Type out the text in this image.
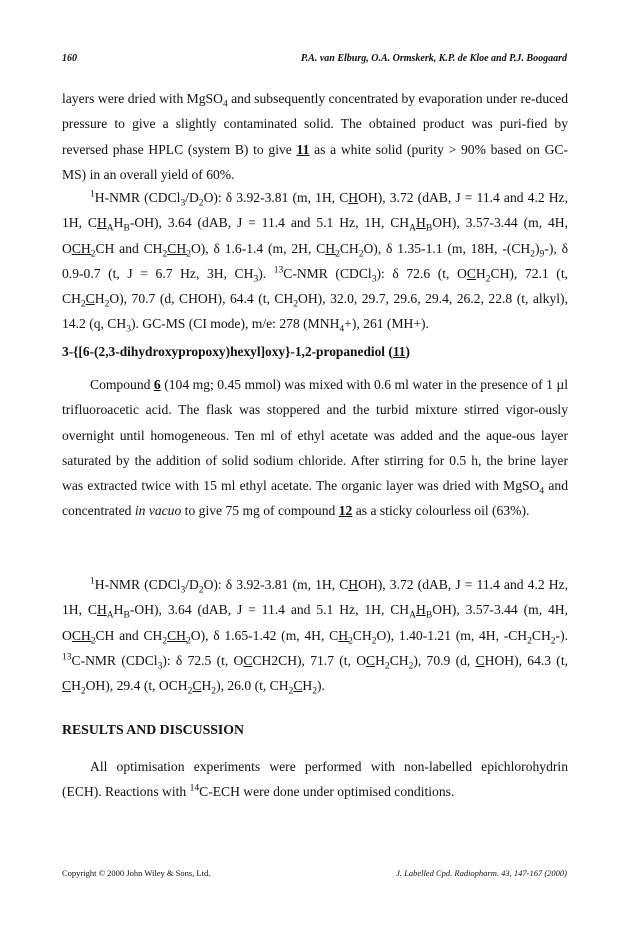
160	P.A. van Elburg, O.A. Ormskerk, K.P. de Kloe and P.J. Boogaard

layers were dried with MgSO$_4$ and subsequently concentrated by evaporation under re-duced pressure to give a slightly contaminated solid. The obtained product was puri-fied by reversed phase HPLC (system B) to give 11 as a white solid (purity > 90% based on GC-MS) in an overall yield of 60%.

$^1$H-NMR $(CDCl_3/D_2O)$: δ 3.92-3.81 (m, 1H, CHOH), 3.72 (dAB, J = 11.4 and 4.2 Hz, 1H, $CH_AH_B-OH$), 3.64 (dAB, J = 11.4 and 5.1 Hz, 1H, $CH_AH_BOH$), 3.57-3.44 (m, 4H, $OCH_2CH$ and $CH_2CH_2O$), δ 1.6-1.4 (m, 2H, $CH_2CH_2O$), δ 1.35-1.1 (m, 18H, $-(CH_2)_9-$), δ 0.9-0.7 (t, J = 6.7 Hz, 3H, $CH_3$). $^{13}$C-NMR (CDCl$_3$): δ 72.6 (t, $OCH_2CH$), 72.1 (t, $CH_2CH_2O$), 70.7 (d, CHOH), 64.4 (t, $CH_2OH$), 32.0, 29.7, 29.6, 29.4, 26.2, 22.8 (t, alkyl), 14.2 (q, $CH_3$). GC-MS (CI mode), m/e: 278 $(MNH_4+)$, 261 (MH+).

3-{[6-(2,3-dihydroxypropoxy)hexyl]oxy}-1,2-propanediol (11)

Compound 6 (104 mg; 0.45 mmol) was mixed with 0.6 ml water in the presence of 1 µl trifluoroacetic acid. The flask was stoppered and the turbid mixture stirred vigor-ously overnight until homogeneous. Ten ml of ethyl acetate was added and the aque-ous layer saturated by the addition of solid sodium chloride. After stirring for 0.5 h, the brine layer was extracted twice with 15 ml ethyl acetate. The organic layer was dried with MgSO$_4$ and concentrated in vacuo to give 75 mg of compound 12 as a sticky colourless oil (63%).

$^1$H-NMR $(CDCl_3/D_2O)$: δ 3.92-3.81 (m, 1H, CHOH), 3.72 (dAB, J = 11.4 and 4.2 Hz, 1H, $CH_AH_B-OH$), 3.64 (dAB, J = 11.4 and 5.1 Hz, 1H, $CH_AH_BOH$), 3.57-3.44 (m, 4H, $OCH_2CH$ and $CH_2CH_2O$), δ 1.65-1.42 (m, 4H, $CH_2CH_2O$), 1.40-1.21 (m, 4H, $-CH_2CH_2-$). $^{13}$C-NMR (CDCl$_3$): δ 72.5 (t, OCCH2CH), 71.7 (t, $OCH_2CH_2$), 70.9 (d, CHOH), 64.3 (t, $CH_2OH$), 29.4 (t, $OCH_2CH_2$), 26.0 (t, $CH_2CH_2$).

RESULTS AND DISCUSSION

All optimisation experiments were performed with non-labelled epichlorohydrin (ECH). Reactions with $^{14}$C-ECH were done under optimised conditions.

Copyright © 2000 John Wiley & Sons, Ltd.	J. Labelled Cpd. Radiopharm. 43, 147-167 (2000)
